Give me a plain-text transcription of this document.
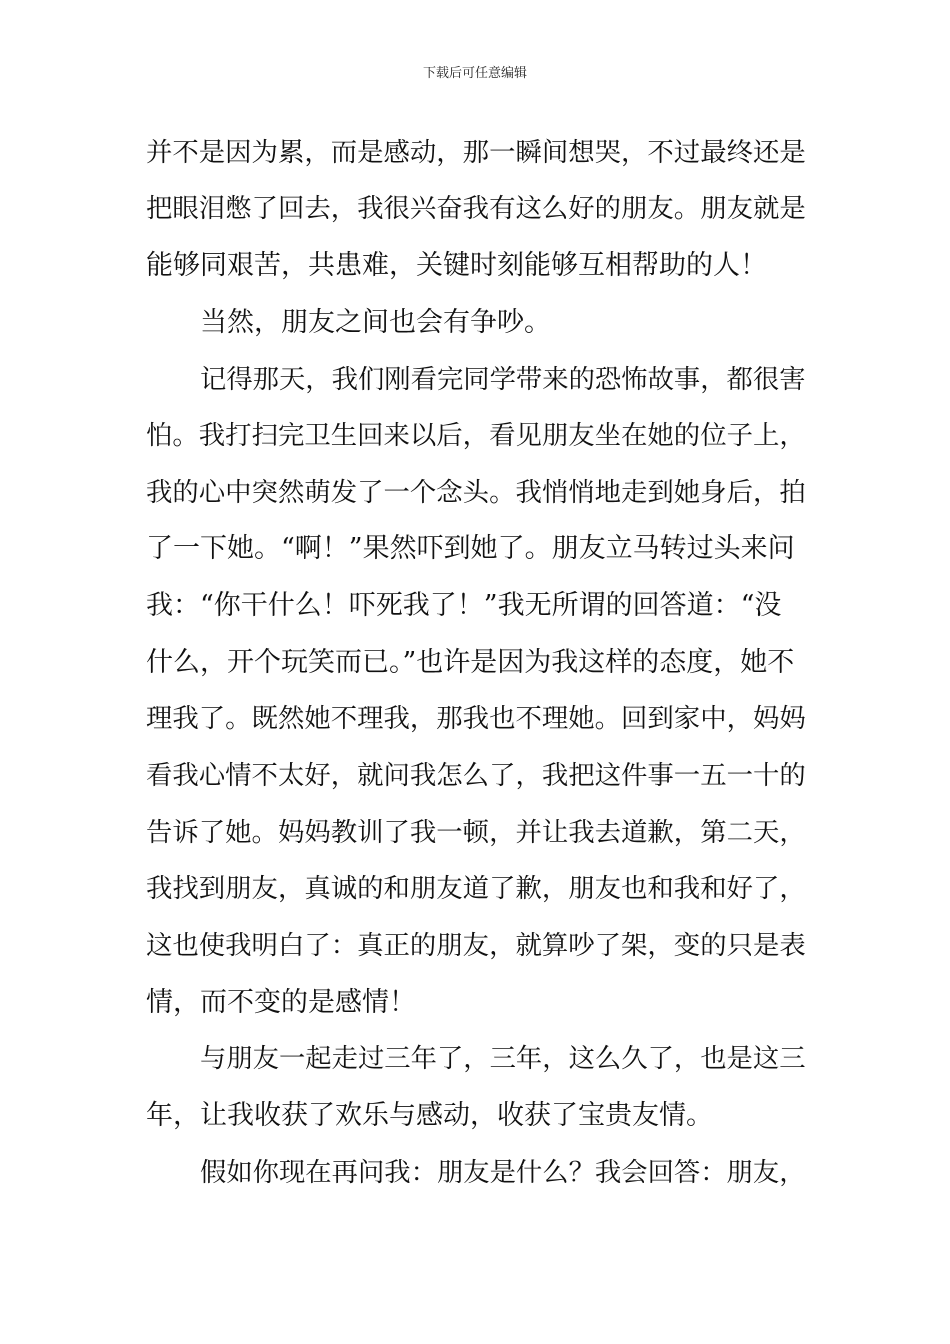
下载后可任意编辑
并不是因为累，而是感动，那一瞬间想哭，不过最终还是
把眼泪憋了回去，我很兴奋我有这么好的朋友。朋友就是
能够同艰苦，共患难，关键时刻能够互相帮助的人！
当然，朋友之间也会有争吵。
记得那天，我们刚看完同学带来的恐怖故事，都很害
怕。我打扫完卫生回来以后，看见朋友坐在她的位子上，
我的心中突然萌发了一个念头。我悄悄地走到她身后，拍
了一下她。“啊！”果然吓到她了。朋友立马转过头来问
我：“你干什么！吓死我了！”我无所谓的回答道：“没
什么，开个玩笑而已。”也许是因为我这样的态度，她不
理我了。既然她不理我，那我也不理她。回到家中，妈妈
看我心情不太好，就问我怎么了，我把这件事一五一十的
告诉了她。妈妈教训了我一顿，并让我去道歉，第二天，
我找到朋友，真诚的和朋友道了歉，朋友也和我和好了，
这也使我明白了：真正的朋友，就算吵了架，变的只是表
情，而不变的是感情！
与朋友一起走过三年了，三年，这么久了，也是这三
年，让我收获了欢乐与感动，收获了宝贵友情。
假如你现在再问我：朋友是什么？我会回答：朋友，
